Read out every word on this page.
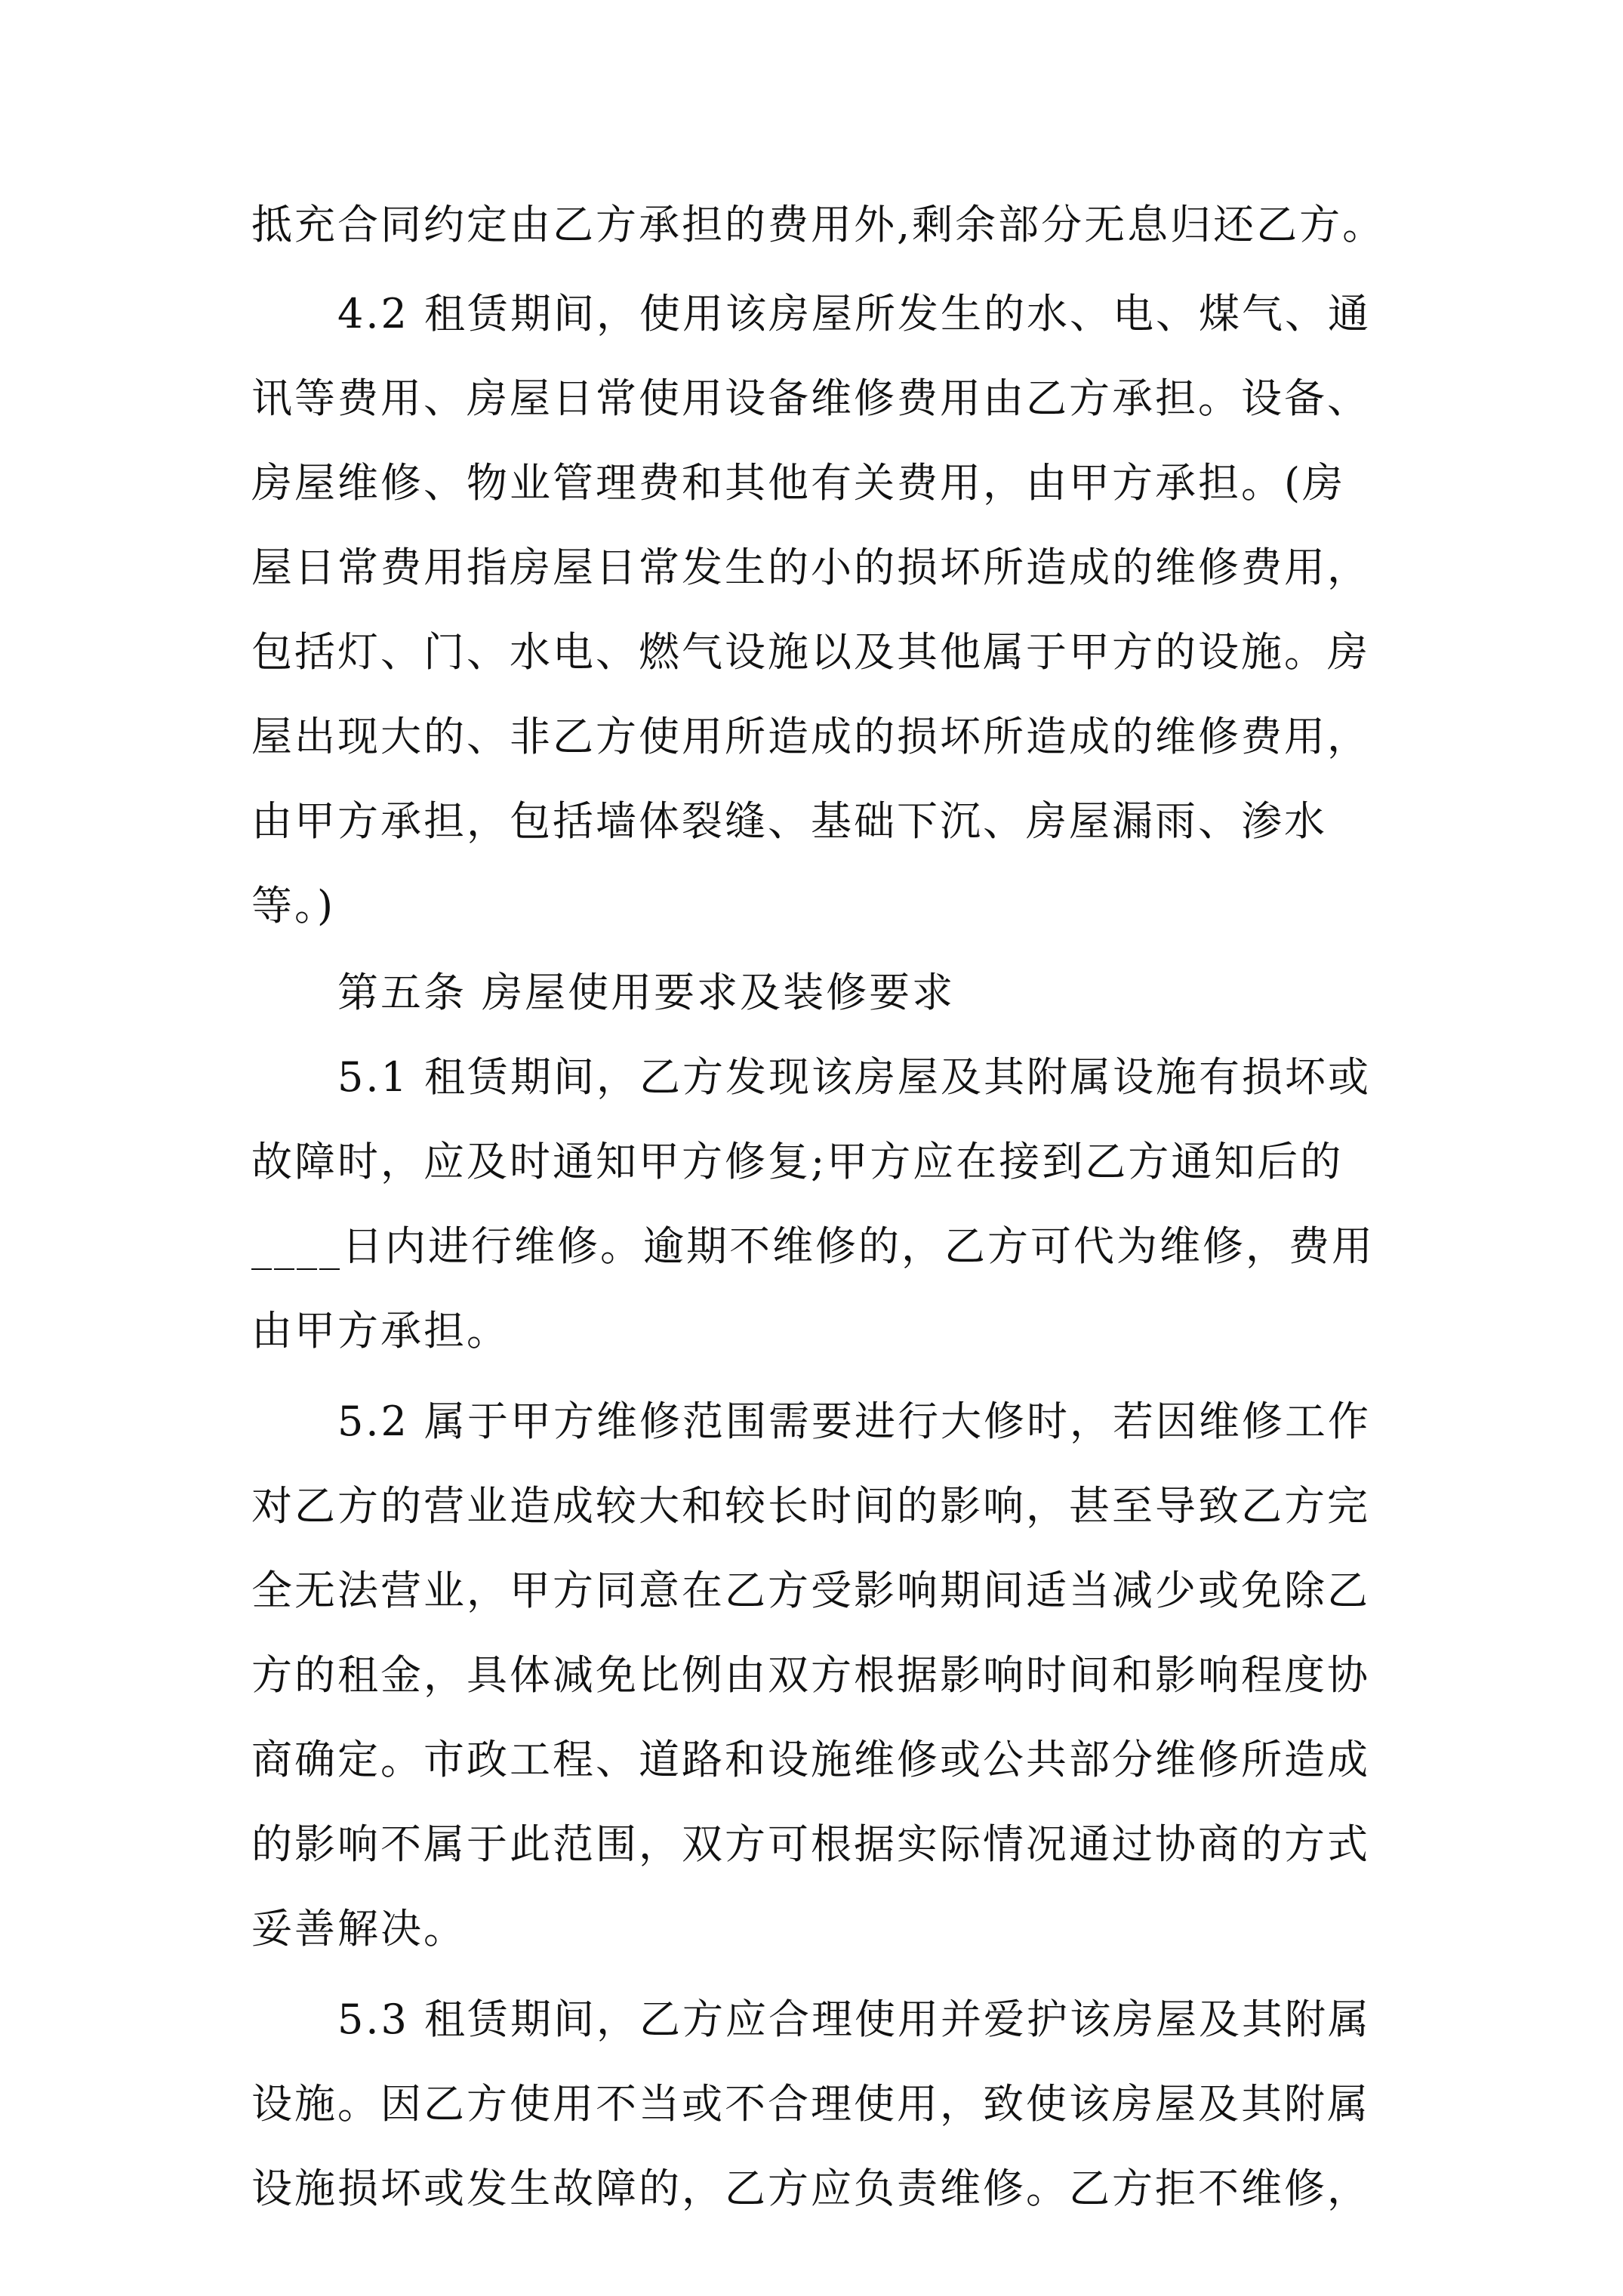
抵充合同约定由乙方承担的费用外,剩余部分无息归还乙方。
4.2 租赁期间，使用该房屋所发生的水、电、煤气、通
讯等费用、房屋日常使用设备维修费用由乙方承担。设备、
房屋维修、物业管理费和其他有关费用，由甲方承担。(房
屋日常费用指房屋日常发生的小的损坏所造成的维修费用，
包括灯、门、水电、燃气设施以及其他属于甲方的设施。房
屋出现大的、非乙方使用所造成的损坏所造成的维修费用，
由甲方承担，包括墙体裂缝、基础下沉、房屋漏雨、渗水
等。)
第五条 房屋使用要求及装修要求
5.1 租赁期间，乙方发现该房屋及其附属设施有损坏或
故障时，应及时通知甲方修复;甲方应在接到乙方通知后的
____日内进行维修。逾期不维修的，乙方可代为维修，费用
由甲方承担。
5.2 属于甲方维修范围需要进行大修时，若因维修工作
对乙方的营业造成较大和较长时间的影响，甚至导致乙方完
全无法营业，甲方同意在乙方受影响期间适当减少或免除乙
方的租金，具体减免比例由双方根据影响时间和影响程度协
商确定。市政工程、道路和设施维修或公共部分维修所造成
的影响不属于此范围，双方可根据实际情况通过协商的方式
妥善解决。
5.3 租赁期间，乙方应合理使用并爱护该房屋及其附属
设施。因乙方使用不当或不合理使用，致使该房屋及其附属
设施损坏或发生故障的，乙方应负责维修。乙方拒不维修，
